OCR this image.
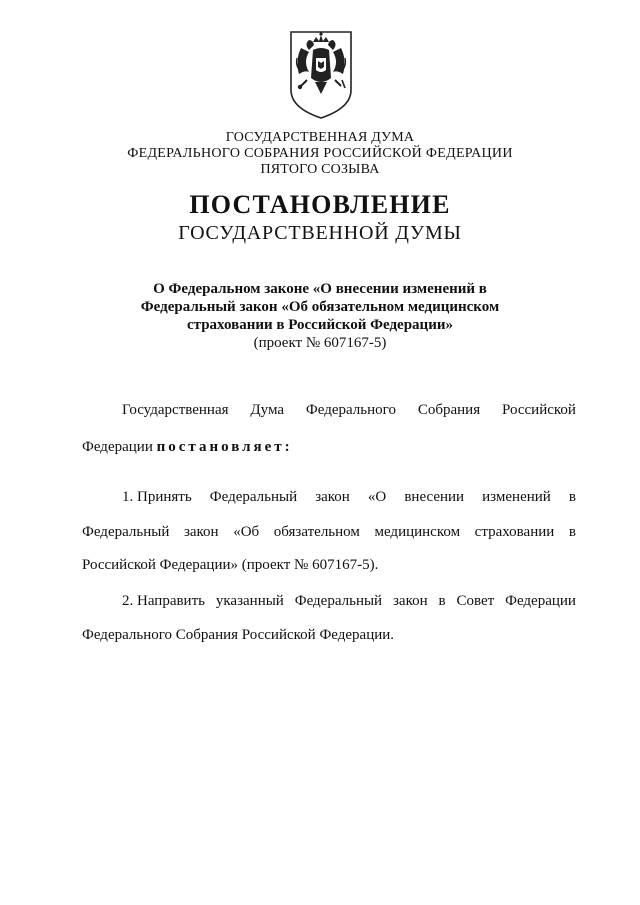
ГОСУДАРСТВЕННАЯ ДУМА
ФЕДЕРАЛЬНОГО СОБРАНИЯ РОССИЙСКОЙ ФЕДЕРАЦИИ
ПЯТОГО СОЗЫВА
ПОСТАНОВЛЕНИЕ
ГОСУДАРСТВЕННОЙ ДУМЫ
О Федеральном законе «О внесении изменений в
Федеральный закон «Об обязательном медицинском
страховании в Российской Федерации»
(проект № 607167-5)
Государственная Дума Федерального Собрания Российской
Федерации постановляет:
1. Принять Федеральный закон «О внесении изменений в
Федеральный закон «Об обязательном медицинском страховании в
Российской Федерации» (проект № 607167-5).
2. Направить указанный Федеральный закон в Совет Федерации
Федерального Собрания Российской Федерации.
